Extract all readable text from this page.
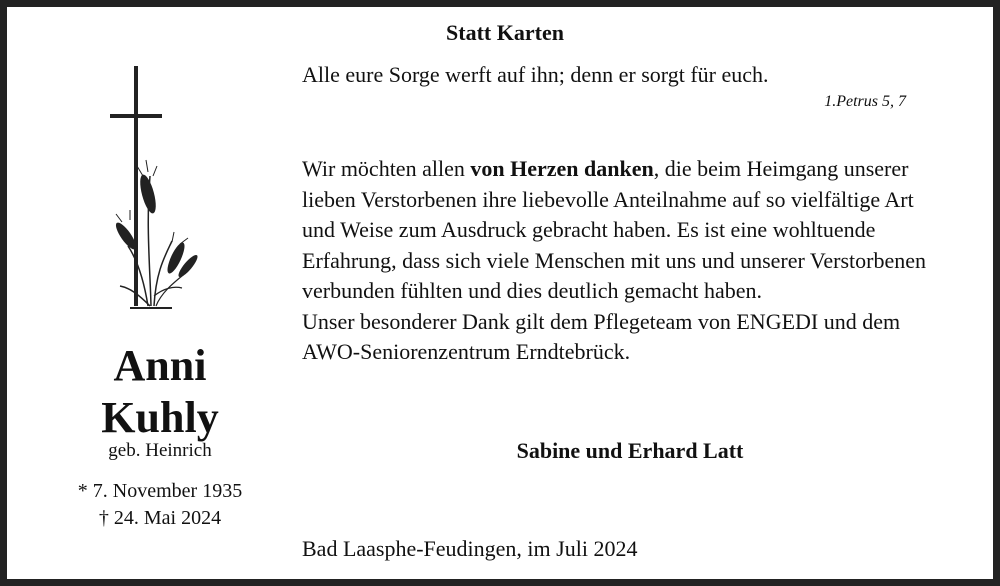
Statt Karten
Alle eure Sorge werft auf ihn; denn er sorgt für euch.
1.Petrus 5, 7

Wir möchten allen von Herzen danken, die beim Heimgang unserer lieben Verstorbenen ihre liebevolle Anteilnahme auf so vielfältige Art und Weise zum Ausdruck gebracht haben. Es ist eine wohltuende Erfahrung, dass sich viele Menschen mit uns und unserer Verstorbenen verbunden fühlten und dies deutlich gemacht haben.

Unser besonderer Dank gilt dem Pflegeteam von ENGEDI und dem AWO-Seniorenzentrum Erndtebrück.

Sabine und Erhard Latt
Bad Laasphe-Feudingen, im Juli 2024
Anni
Kuhly
geb. Heinrich
* 7. November 1935
† 24. Mai 2024
